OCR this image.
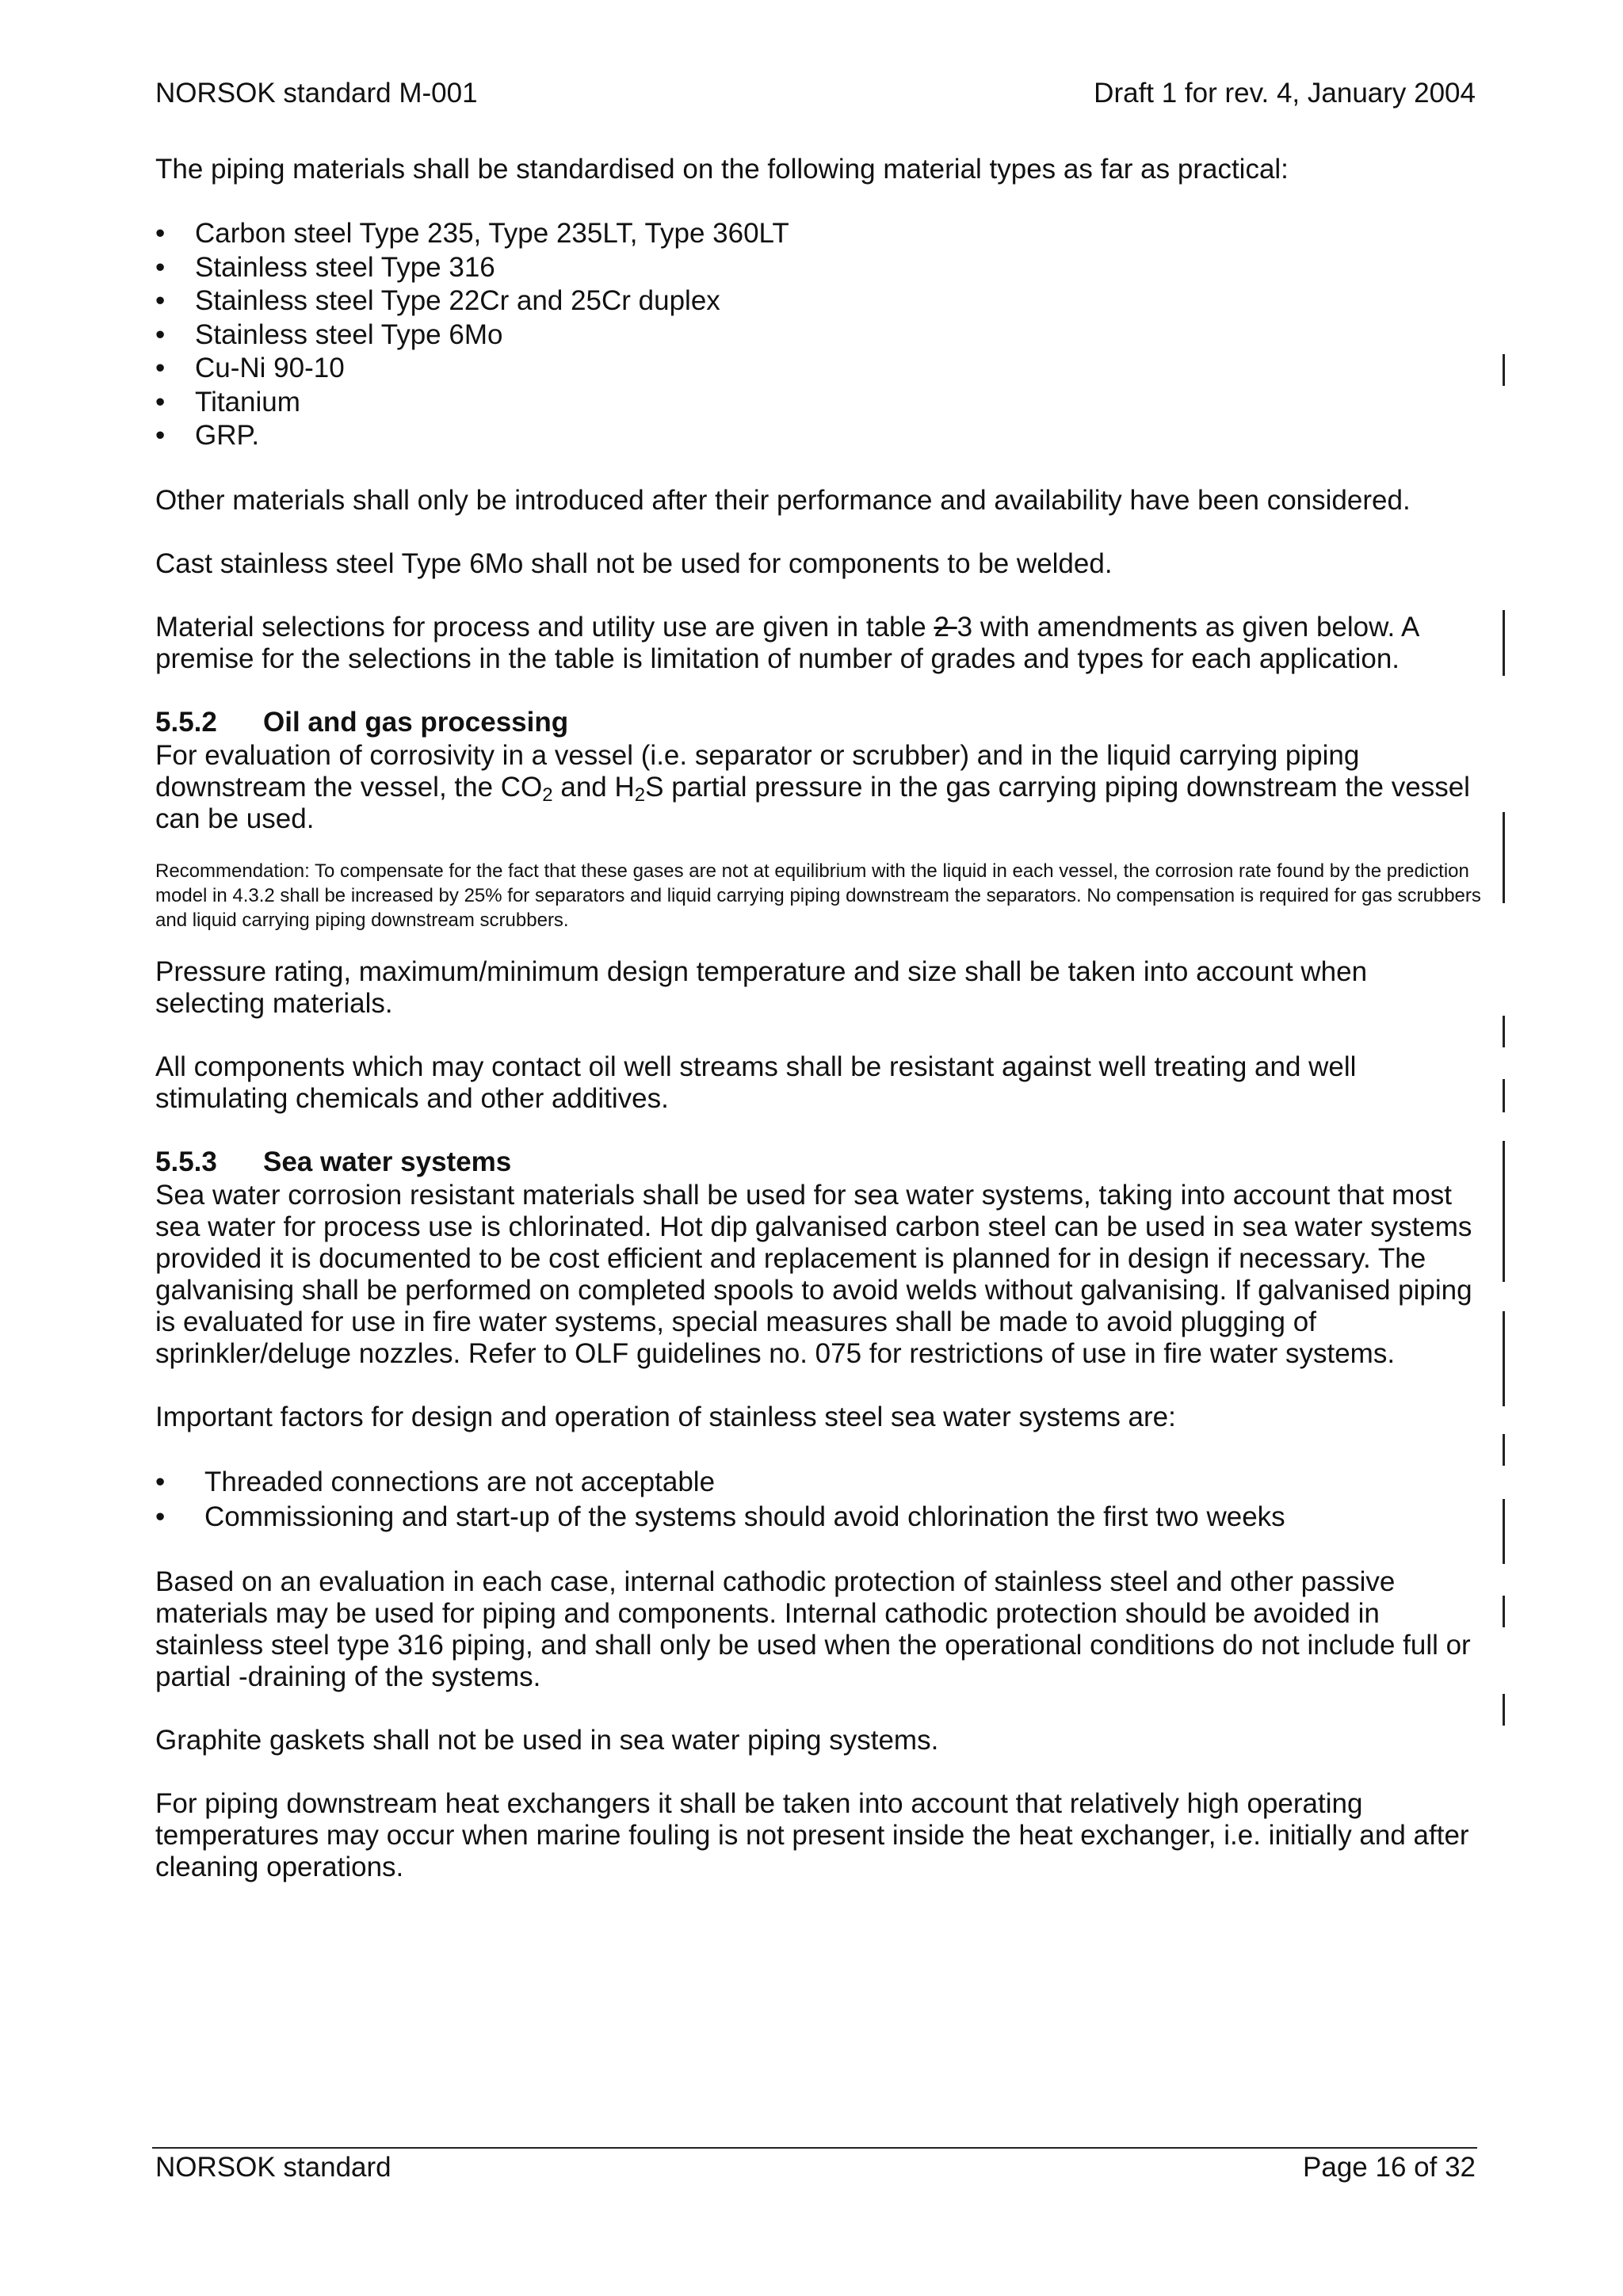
NORSOK standard M-001	Draft 1 for rev. 4, January 2004

The piping materials shall be standardised on the following material types as far as practical:

•	Carbon steel Type 235, Type 235LT, Type 360LT
•	Stainless steel Type 316
•	Stainless steel Type 22Cr and 25Cr duplex
•	Stainless steel Type 6Mo
•	Cu-Ni 90-10
•	Titanium
•	GRP.

Other materials shall only be introduced after their performance and availability have been considered.

Cast stainless steel Type 6Mo shall not be used for components to be welded.

Material selections for process and utility use are given in table 2 3 with amendments as given below. A premise for the selections in the table is limitation of number of grades and types for each application.

5.5.2 Oil and gas processing

For evaluation of corrosivity in a vessel (i.e. separator or scrubber) and in the liquid carrying piping downstream the vessel, the $CO_2$ and $H_2S$ partial pressure in the gas carrying piping downstream the vessel can be used.

Recommendation: To compensate for the fact that these gases are not at equilibrium with the liquid in each vessel, the corrosion rate found by the prediction model in 4.3.2 shall be increased by 25% for separators and liquid carrying piping downstream the separators. No compensation is required for gas scrubbers and liquid carrying piping downstream scrubbers.

Pressure rating, maximum/minimum design temperature and size shall be taken into account when selecting materials.

All components which may contact oil well streams shall be resistant against well treating and well stimulating chemicals and other additives.

5.5.3 Sea water systems

Sea water corrosion resistant materials shall be used for sea water systems, taking into account that most sea water for process use is chlorinated. Hot dip galvanised carbon steel can be used in sea water systems provided it is documented to be cost efficient and replacement is planned for in design if necessary. The galvanising shall be performed on completed spools to avoid welds without galvanising. If galvanised piping is evaluated for use in fire water systems, special measures shall be made to avoid plugging of sprinkler/deluge nozzles. Refer to OLF guidelines no. 075 for restrictions of use in fire water systems.

Important factors for design and operation of stainless steel sea water systems are:

•	Threaded connections are not acceptable
•	Commissioning and start-up of the systems should avoid chlorination the first two weeks

Based on an evaluation in each case, internal cathodic protection of stainless steel and other passive materials may be used for piping and components. Internal cathodic protection should be avoided in stainless steel type 316 piping, and shall only be used when the operational conditions do not include full or partial -draining of the systems.

Graphite gaskets shall not be used in sea water piping systems.

For piping downstream heat exchangers it shall be taken into account that relatively high operating temperatures may occur when marine fouling is not present inside the heat exchanger, i.e. initially and after cleaning operations.

NORSOK standard	Page 16 of 32
